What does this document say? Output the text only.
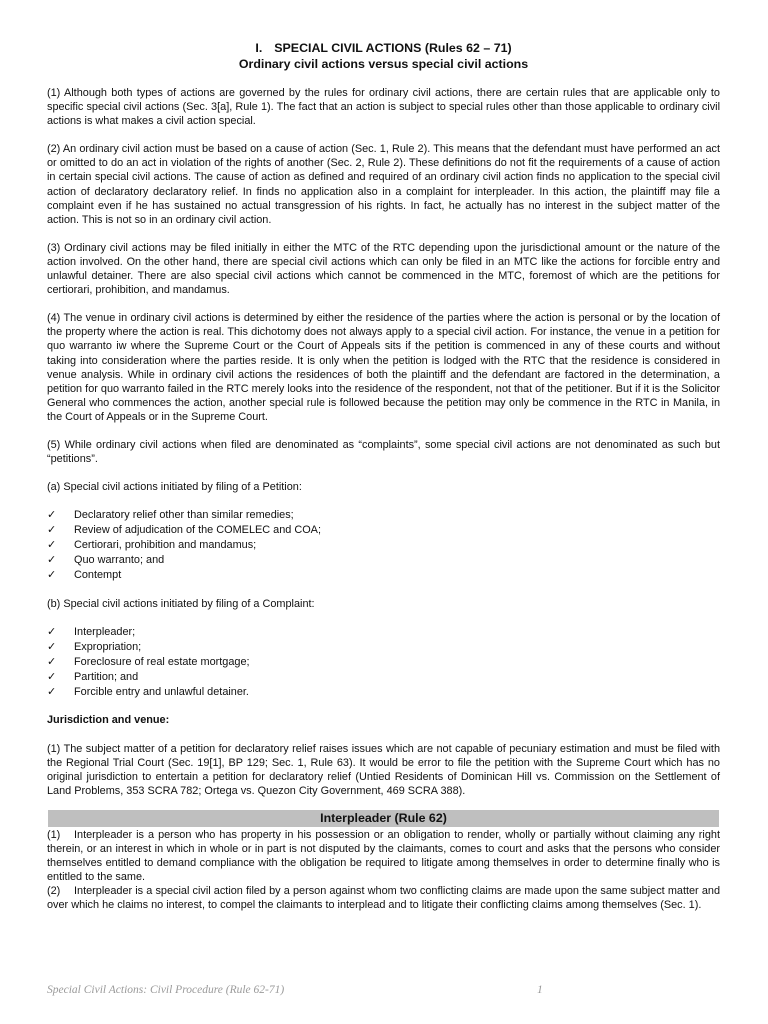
I. SPECIAL CIVIL ACTIONS (Rules 62 – 71)
Ordinary civil actions versus special civil actions

(1) Although both types of actions are governed by the rules for ordinary civil actions, there are certain rules that are applicable only to specific special civil actions (Sec. 3[a], Rule 1). The fact that an action is subject to special rules other than those applicable to ordinary civil actions is what makes a civil action special.

(2) An ordinary civil action must be based on a cause of action (Sec. 1, Rule 2). This means that the defendant must have performed an act or omitted to do an act in violation of the rights of another (Sec. 2, Rule 2). These definitions do not fit the requirements of a cause of action in certain special civil actions. The cause of action as defined and required of an ordinary civil action finds no application to the special civil action of declaratory declaratory relief. In finds no application also in a complaint for interpleader. In this action, the plaintiff may file a complaint even if he has sustained no actual transgression of his rights. In fact, he actually has no interest in the subject matter of the action. This is not so in an ordinary civil action.

(3) Ordinary civil actions may be filed initially in either the MTC of the RTC depending upon the jurisdictional amount or the nature of the action involved. On the other hand, there are special civil actions which can only be filed in an MTC like the actions for forcible entry and unlawful detainer. There are also special civil actions which cannot be commenced in the MTC, foremost of which are the petitions for certiorari, prohibition, and mandamus.

(4) The venue in ordinary civil actions is determined by either the residence of the parties where the action is personal or by the location of the property where the action is real. This dichotomy does not always apply to a special civil action. For instance, the venue in a petition for quo warranto iw where the Supreme Court or the Court of Appeals sits if the petition is commenced in any of these courts and without taking into consideration where the parties reside. It is only when the petition is lodged with the RTC that the residence is considered in venue analysis. While in ordinary civil actions the residences of both the plaintiff and the defendant are factored in the determination, a petition for quo warranto failed in the RTC merely looks into the residence of the respondent, not that of the petitioner. But if it is the Solicitor General who commences the action, another special rule is followed because the petition may only be commence in the RTC in Manila, in the Court of Appeals or in the Supreme Court.

(5) While ordinary civil actions when filed are denominated as “complaints”, some special civil actions are not denominated as such but “petitions”.

(a) Special civil actions initiated by filing of a Petition:

✓	Declaratory relief other than similar remedies;
✓	Review of adjudication of the COMELEC and COA;
✓	Certiorari, prohibition and mandamus;
✓	Quo warranto; and
✓	Contempt

(b) Special civil actions initiated by filing of a Complaint:

✓	Interpleader;
✓	Expropriation;
✓	Foreclosure of real estate mortgage;
✓	Partition; and
✓	Forcible entry and unlawful detainer.

Jurisdiction and venue:

(1) The subject matter of a petition for declaratory relief raises issues which are not capable of pecuniary estimation and must be filed with the Regional Trial Court (Sec. 19[1], BP 129; Sec. 1, Rule 63). It would be error to file the petition with the Supreme Court which has no original jurisdiction to entertain a petition for declaratory relief (Untied Residents of Dominican Hill vs. Commission on the Settlement of Land Problems, 353 SCRA 782; Ortega vs. Quezon City Government, 469 SCRA 388).

Interpleader (Rule 62)

(1) Interpleader is a person who has property in his possession or an obligation to render, wholly or partially without claiming any right therein, or an interest in which in whole or in part is not disputed by the claimants, comes to court and asks that the persons who consider themselves entitled to demand compliance with the obligation be required to litigate among themselves in order to determine finally who is entitled to the same.

(2) Interpleader is a special civil action filed by a person against whom two conflicting claims are made upon the same subject matter and over which he claims no interest, to compel the claimants to interplead and to litigate their conflicting claims among themselves (Sec. 1).

Special Civil Actions: Civil Procedure (Rule 62-71)	1
